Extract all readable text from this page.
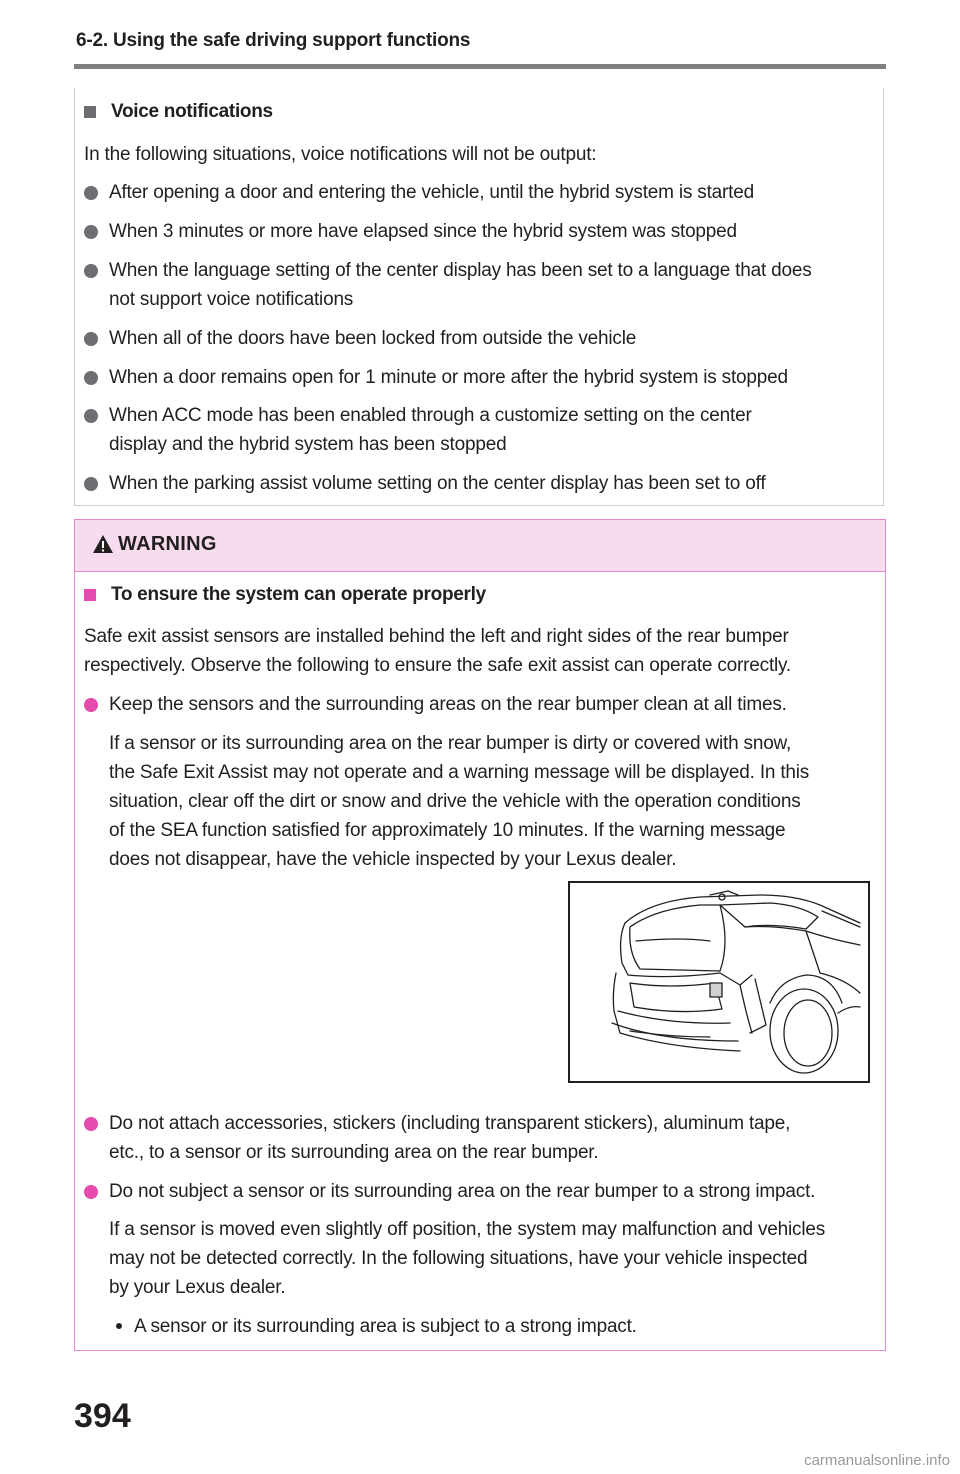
6-2. Using the safe driving support functions
Voice notifications
In the following situations, voice notifications will not be output:
After opening a door and entering the vehicle, until the hybrid system is started
When 3 minutes or more have elapsed since the hybrid system was stopped
When the language setting of the center display has been set to a language that does
not support voice notifications
When all of the doors have been locked from outside the vehicle
When a door remains open for 1 minute or more after the hybrid system is stopped
When ACC mode has been enabled through a customize setting on the center
display and the hybrid system has been stopped
When the parking assist volume setting on the center display has been set to off
WARNING
To ensure the system can operate properly
Safe exit assist sensors are installed behind the left and right sides of the rear bumper
respectively. Observe the following to ensure the safe exit assist can operate correctly.
Keep the sensors and the surrounding areas on the rear bumper clean at all times.
If a sensor or its surrounding area on the rear bumper is dirty or covered with snow,
the Safe Exit Assist may not operate and a warning message will be displayed. In this
situation, clear off the dirt or snow and drive the vehicle with the operation conditions
of the SEA function satisfied for approximately 10 minutes. If the warning message
does not disappear, have the vehicle inspected by your Lexus dealer.
Do not attach accessories, stickers (including transparent stickers), aluminum tape,
etc., to a sensor or its surrounding area on the rear bumper.
Do not subject a sensor or its surrounding area on the rear bumper to a strong impact.
If a sensor is moved even slightly off position, the system may malfunction and vehicles
may not be detected correctly. In the following situations, have your vehicle inspected
by your Lexus dealer.
A sensor or its surrounding area is subject to a strong impact.
394
carmanualsonline.info
